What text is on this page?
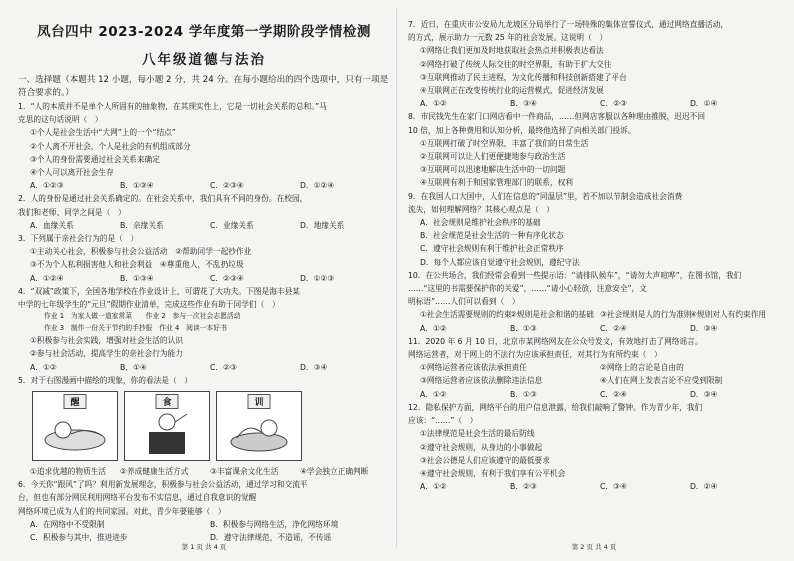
凤台四中 2023-2024 学年度第一学期阶段学情检测
八年级道德与法治
一、选择题（本题共 12 小题，每小题 2 分，共 24 分。在每小题给出的四个选项中，只有一项是符合要求的。）
1．“人的本质并不是单个人所固有的抽象物，在其现实性上，它是一切社会关系的总和。”马
克思的这句话说明（　）
①个人是社会生活中“大网”上的一个“结点”
②个人离不开社会，个人是社会的有机组成部分
③个人的身份需要通过社会关系来确定
④个人可以离开社会生存
A．①②③	B．①③④	C．②③④	D．①②④
2．人的身份是通过社会关系确定的。在社会关系中，我们具有不同的身份。在校园，
我们和老师、同学之间是（　）
A．血缘关系	B．亲缘关系	C．业缘关系	D．地缘关系
3．下列属于亲社会行为的是（　）
①主动关心社会，积极参与社会公益活动　②帮助同学一起抄作业
③不为个人私利损害他人和社会利益　④尊重他人，不乱扔垃圾
A．①②④	B．①③④	C．②③④	D．①②③
4．“双减”政策下，全国各地学校在作业设计上，可谓花了大功夫。下图是海丰县某
中学的七年级学生的“元旦”假期作业清单，完成这些作业有助于同学们（　）
作业 1　为家人做一道家常菜　　作业 2　参与一次社会志愿活动
作业 3　制作一份关于节约的手抄报　作业 4　阅读一本好书
①积极参与社会实践，增强对社会生活的认识
②参与社会活动，提高学生的亲社会行为能力
A．①②	B．①④	C．②③	D．③④
5．对于右图漫画中描绘的现象，你的看法是（　）
醒	食	训
①追求优越的物质生活	②养成健康生活方式	③丰富课余文化生活	④学会独立正确判断
6．今天你“跟风”了吗？利用新发展理念，积极参与社会公益活动，通过学习和交流平
台，但也有部分网民利用网络平台发布不实信息，通过自我意识的觉醒
网络环境已成为人们的共同家园。对此，青少年要能够（　）
A．在网络中不受限制	B．积极参与网络生活，净化网络环境
C．积极参与其中，推进进步	D．遵守法律规范，不造谣，不传谣
第 1 页 共 4 页
7．近日，在重庆市公安局九龙坡区分局举行了一场特殊的集体宣誓仪式，通过网络直播活动，
的方式，展示助力一元数 25 年的社会发展。这说明（　）
①网络让我们更加及时地获取社会热点并积极表达看法
②网络打破了传统人际交往的时空界限，有助于扩大交往
③互联网推动了民主进程，为文化传播和科技创新搭建了平台
④互联网正在改变传统行业的运营模式，促进经济发展
A．①②	B．③④	C．②③	D．①④
8．市民钱先生在家门口网店看中一件商品，……但网店客服以各种理由推脱，迟迟不回
10 倍，加上各种费用和认知分析，最终他选择了向相关部门投诉。
①互联网打破了时空界限，丰富了我们的日常生活
②互联网可以让人们更便捷地参与政治生活
③互联网可以迅速地解决生活中的一切问题
④互联网有利于和国家管理部门的联系，权利
9．在我国人口大国中，人们在信息的“同温层”里，若不加以节制会造成社会消费
流失，如何理解网络？其核心观点是（　）
A．社会规则是维护社会秩序的基础
B．社会规范是社会生活的一种有序化状态
C．遵守社会规则有利于维护社会正常秩序
D．每个人都应该自觉遵守社会规则，遵纪守法
10．在公共场合，我们经常会看到一些提示语：“请排队候车”，“请勿大声喧哗”，在图书馆，我们
……“这里的书需要保护你的关爱”，……“请小心轻放，注意安全”，文
明标语”……人们可以看到（　）
①社会生活需要规则的约束
②规则是社会和谐的基础 ③社会规则是人的行为准则
④规则对人有约束作用
A．①②	B．①③	C．②④	D．③④
11．2020 年 6 月 10 日，北京市某网络网友在公众号发文，有效地打击了网络谣言。
网络运营者，对于网上的不法行为应该承担责任，对其行为有所约束（　）
①网络运营者应该依法承担责任	②网络上的言论是自由的
③网络运营者应该依法删除违法信息	④人们在网上发表言论不应受到限制
A．①②	B．①③	C．②④	D．③④
12．隐私保护方面，网络平台的用户信息泄露，给我们敲响了警钟。作为青少年，我们
应该：“……”（　）
①法律规范是社会生活的最后防线
②遵守社会规则，从身边的小事做起
③社会公德是人们应该遵守的最低要求
④遵守社会规则，有利于我们享有公平机会
A．①②	B．②③	C．③④	D．②④
第 2 页 共 4 页
